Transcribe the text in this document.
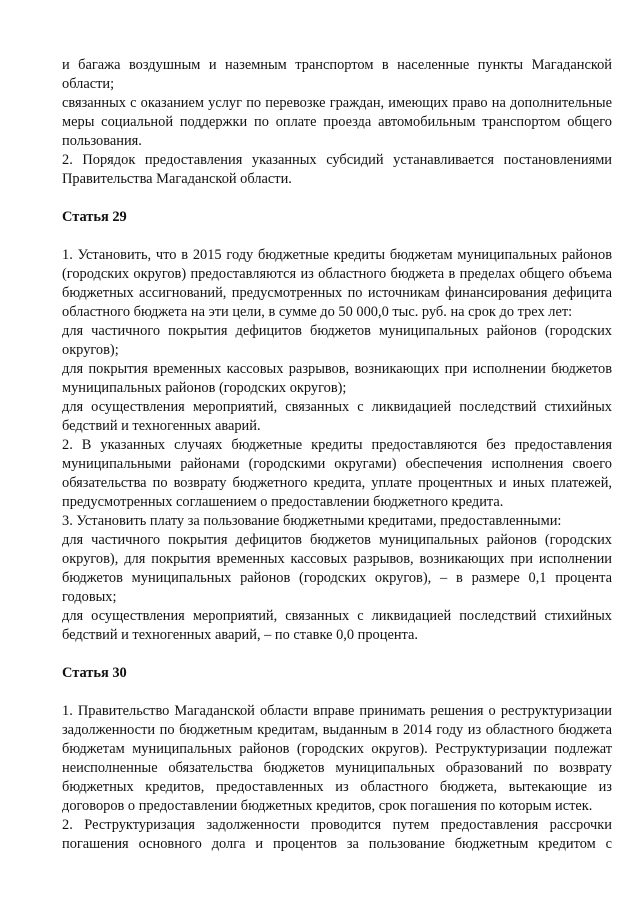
и багажа воздушным и наземным транспортом в населенные пункты Магаданской области;

связанных с оказанием услуг по перевозке граждан, имеющих право на дополнительные меры социальной поддержки по оплате проезда автомобильным транспортом общего пользования.

2. Порядок предоставления указанных субсидий устанавливается постановлениями Правительства Магаданской области.

Статья 29

1. Установить, что в 2015 году бюджетные кредиты бюджетам муниципальных районов (городских округов) предоставляются из областного бюджета в пределах общего объема бюджетных ассигнований, предусмотренных по источникам финансирования дефицита областного бюджета на эти цели, в сумме до 50 000,0 тыс. руб. на срок до трех лет:

для частичного покрытия дефицитов бюджетов муниципальных районов (городских округов);

для покрытия временных кассовых разрывов, возникающих при исполнении бюджетов муниципальных районов (городских округов);

для осуществления мероприятий, связанных с ликвидацией последствий стихийных бедствий и техногенных аварий.

2. В указанных случаях бюджетные кредиты предоставляются без предоставления муниципальными районами (городскими округами) обеспечения исполнения своего обязательства по возврату бюджетного кредита, уплате процентных и иных платежей, предусмотренных соглашением о предоставлении бюджетного кредита.

3. Установить плату за пользование бюджетными кредитами, предоставленными:

для частичного покрытия дефицитов бюджетов муниципальных районов (городских округов), для покрытия временных кассовых разрывов, возникающих при исполнении бюджетов муниципальных районов (городских округов), – в размере 0,1 процента годовых;

для осуществления мероприятий, связанных с ликвидацией последствий стихийных бедствий и техногенных аварий, – по ставке 0,0 процента.

Статья 30

1. Правительство Магаданской области вправе принимать решения о реструктуризации задолженности по бюджетным кредитам, выданным в 2014 году из областного бюджета бюджетам муниципальных районов (городских округов). Реструктуризации подлежат неисполненные обязательства бюджетов муниципальных образований по возврату бюджетных кредитов, предоставленных из областного бюджета, вытекающие из договоров о предоставлении бюджетных кредитов, срок погашения по которым истек.

2. Реструктуризация задолженности проводится путем предоставления рассрочки погашения основного долга и процентов за пользование бюджетным кредитом с
